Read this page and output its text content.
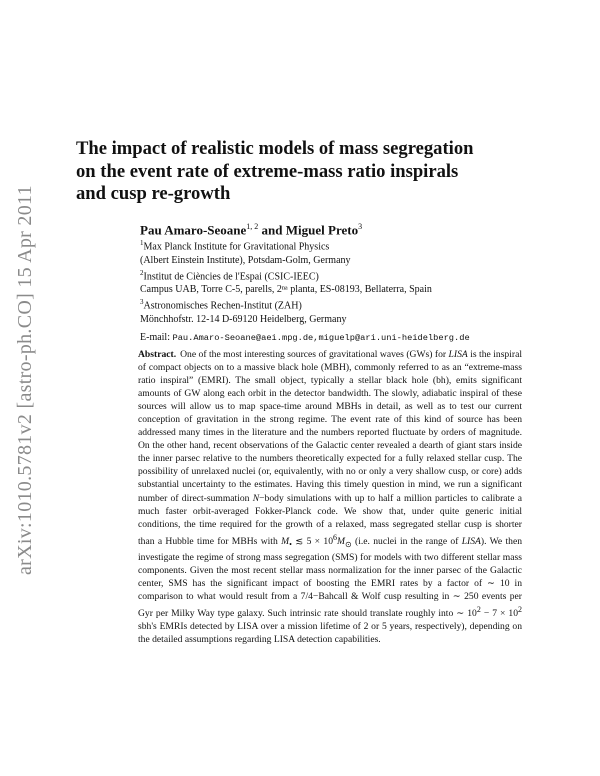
arXiv:1010.5781v2 [astro-ph.CO] 15 Apr 2011
The impact of realistic models of mass segregation on the event rate of extreme-mass ratio inspirals and cusp re-growth
Pau Amaro-Seoane$^{1, 2}$ and Miguel Preto$^3$
$^1$Max Planck Institute for Gravitational Physics
(Albert Einstein Institute), Potsdam-Golm, Germany
$^2$Institut de Ciències de l'Espai (CSIC-IEEC)
Campus UAB, Torre C-5, parells, 2ⁿᵃ planta, ES-08193, Bellaterra, Spain
$^3$Astronomisches Rechen-Institut (ZAH)
Mönchhofstr. 12-14 D-69120 Heidelberg, Germany
E-mail: Pau.Amaro-Seoane@aei.mpg.de,miguelp@ari.uni-heidelberg.de

Abstract. One of the most interesting sources of gravitational waves (GWs) for LISA is the inspiral of compact objects on to a massive black hole (MBH), commonly referred to as an “extreme-mass ratio inspiral” (EMRI). The small object, typically a stellar black hole (bh), emits significant amounts of GW along each orbit in the detector bandwidth. The slowly, adiabatic inspiral of these sources will allow us to map space-time around MBHs in detail, as well as to test our current conception of gravitation in the strong regime. The event rate of this kind of source has been addressed many times in the literature and the numbers reported fluctuate by orders of magnitude. On the other hand, recent observations of the Galactic center revealed a dearth of giant stars inside the inner parsec relative to the numbers theoretically expected for a fully relaxed stellar cusp. The possibility of unrelaxed nuclei (or, equivalently, with no or only a very shallow cusp, or core) adds substantial uncertainty to the estimates. Having this timely question in mind, we run a significant number of direct-summation N−body simulations with up to half a million particles to calibrate a much faster orbit-averaged Fokker-Planck code. We show that, under quite generic initial conditions, the time required for the growth of a relaxed, mass segregated stellar cusp is shorter than a Hubble time for MBHs with $M_•$ ≲ $5 \times 10^6M_⊙$ (i.e. nuclei in the range of LISA). We then investigate the regime of strong mass segregation (SMS) for models with two different stellar mass components. Given the most recent stellar mass normalization for the inner parsec of the Galactic center, SMS has the significant impact of boosting the EMRI rates by a factor of ∼ 10 in comparison to what would result from a 7/4−Bahcall & Wolf cusp resulting in ∼ 250 events per Gyr per Milky Way type galaxy. Such intrinsic rate should translate roughly into ∼ $10^2 - 7 \times 10^2$ sbh's EMRIs detected by LISA over a mission lifetime of 2 or 5 years, respectively), depending on the detailed assumptions regarding LISA detection capabilities.
